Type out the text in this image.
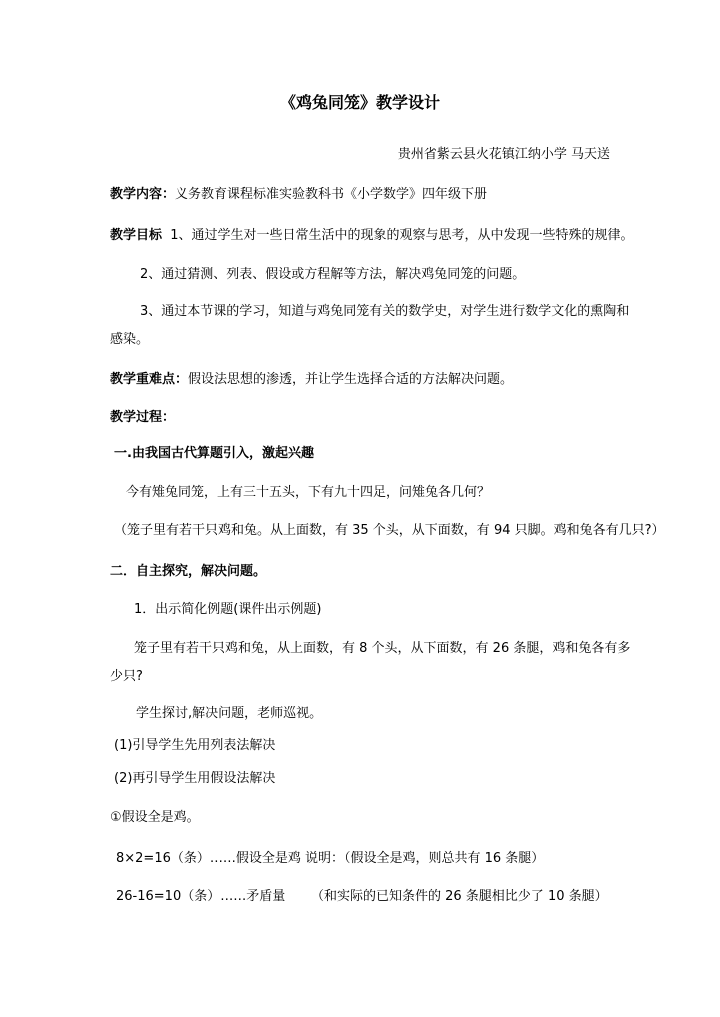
《鸡兔同笼》教学设计
贵州省紫云县火花镇江纳小学 马天送
教学内容：义务教育课程标准实验教科书《小学数学》四年级下册
教学目标 1、通过学生对一些日常生活中的现象的观察与思考，从中发现一些特殊的规律。
2、通过猜测、列表、假设或方程解等方法，解决鸡兔同笼的问题。
3、通过本节课的学习，知道与鸡兔同笼有关的数学史，对学生进行数学文化的熏陶和
感染。
教学重难点：假设法思想的渗透，并让学生选择合适的方法解决问题。
教学过程：
一.由我国古代算题引入，激起兴趣
今有雉兔同笼，上有三十五头，下有九十四足，问雉兔各几何？
（笼子里有若干只鸡和兔。从上面数，有 35 个头，从下面数，有 94 只脚。鸡和兔各有几只?）
二．自主探究，解决问题。
1．出示简化例题(课件出示例题)
笼子里有若干只鸡和兔，从上面数，有 8 个头，从下面数，有 26 条腿，鸡和兔各有多
少只?
学生探讨,解决问题，老师巡视。
(1)引导学生先用列表法解决
(2)再引导学生用假设法解决
①假设全是鸡。
8×2=16（条）……假设全是鸡 说明：（假设全是鸡，则总共有 16 条腿）
26-16=10（条）……矛盾量 （和实际的已知条件的 26 条腿相比少了 10 条腿）
